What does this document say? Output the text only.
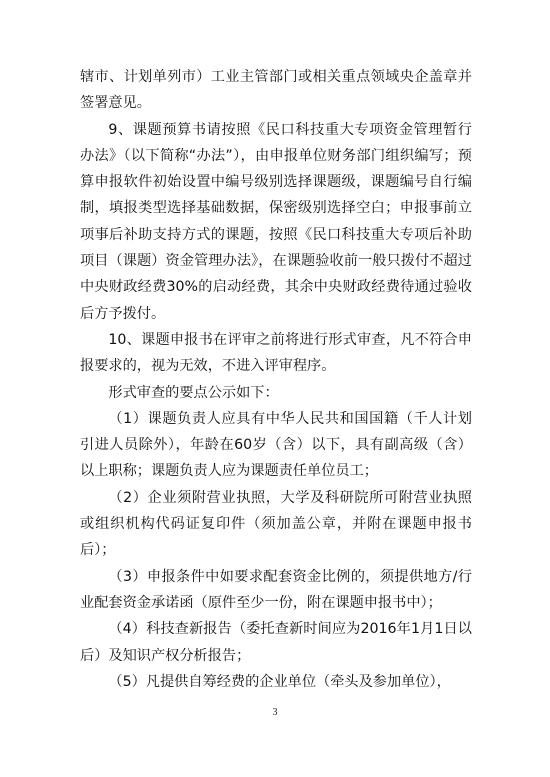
辖市、计划单列市）工业主管部门或相关重点领域央企盖章并签署意见。

9、课题预算书请按照《民口科技重大专项资金管理暂行办法》（以下简称“办法”），由申报单位财务部门组织编写；预算申报软件初始设置中编号级别选择课题级，课题编号自行编制，填报类型选择基础数据，保密级别选择空白；申报事前立项事后补助支持方式的课题，按照《民口科技重大专项后补助项目（课题）资金管理办法》，在课题验收前一般只拨付不超过中央财政经费30%的启动经费，其余中央财政经费待通过验收后方予拨付。

10、课题申报书在评审之前将进行形式审查，凡不符合申报要求的，视为无效，不进入评审程序。

形式审查的要点公示如下：

（1）课题负责人应具有中华人民共和国国籍（千人计划引进人员除外），年龄在60岁（含）以下，具有副高级（含）以上职称；课题负责人应为课题责任单位员工；

（2）企业须附营业执照，大学及科研院所可附营业执照或组织机构代码证复印件（须加盖公章，并附在课题申报书后）；

（3）申报条件中如要求配套资金比例的，须提供地方/行业配套资金承诺函（原件至少一份，附在课题申报书中）；

（4）科技查新报告（委托查新时间应为2016年1月1日以后）及知识产权分析报告；

（5）凡提供自筹经费的企业单位（牵头及参加单位），

3
